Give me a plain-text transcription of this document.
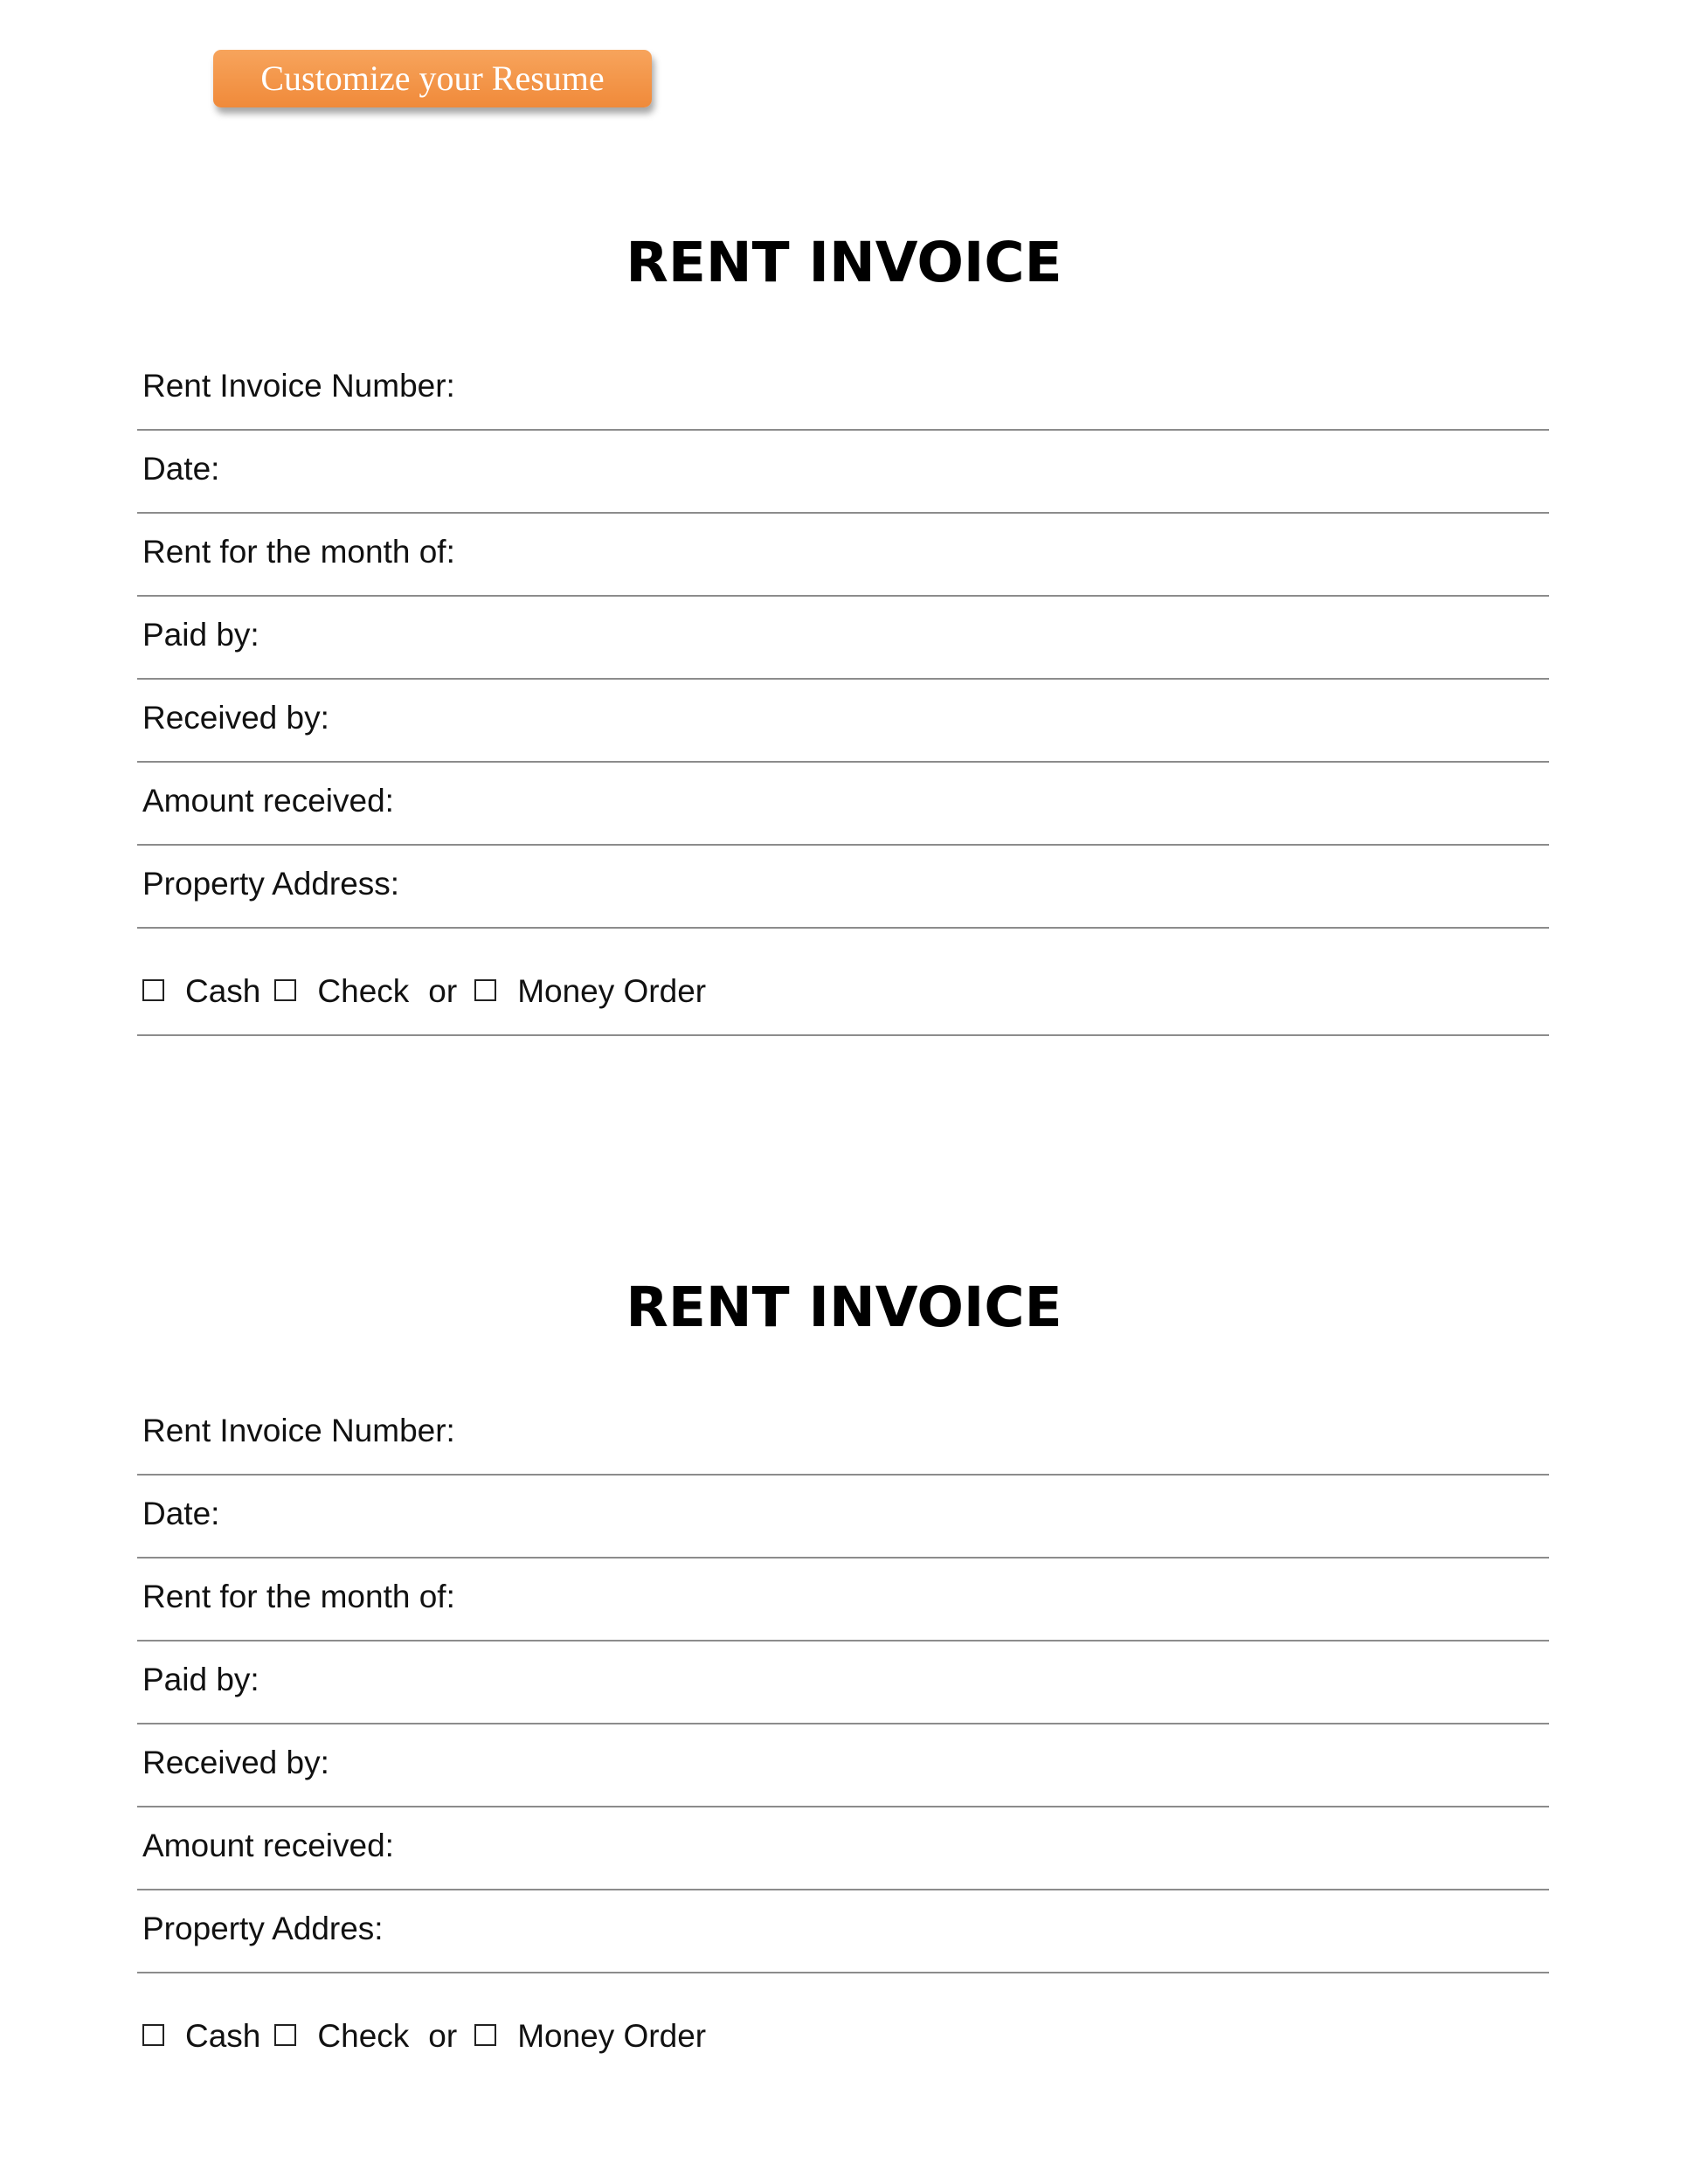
Customize your Resume
RENT INVOICE
Rent Invoice Number:
Date:
Rent for the month of:
Paid by:
Received by:
Amount received:
Property Address:
Cash Check or Money Order
RENT INVOICE
Rent Invoice Number:
Date:
Rent for the month of:
Paid by:
Received by:
Amount received:
Property Addres:
Cash Check or Money Order
